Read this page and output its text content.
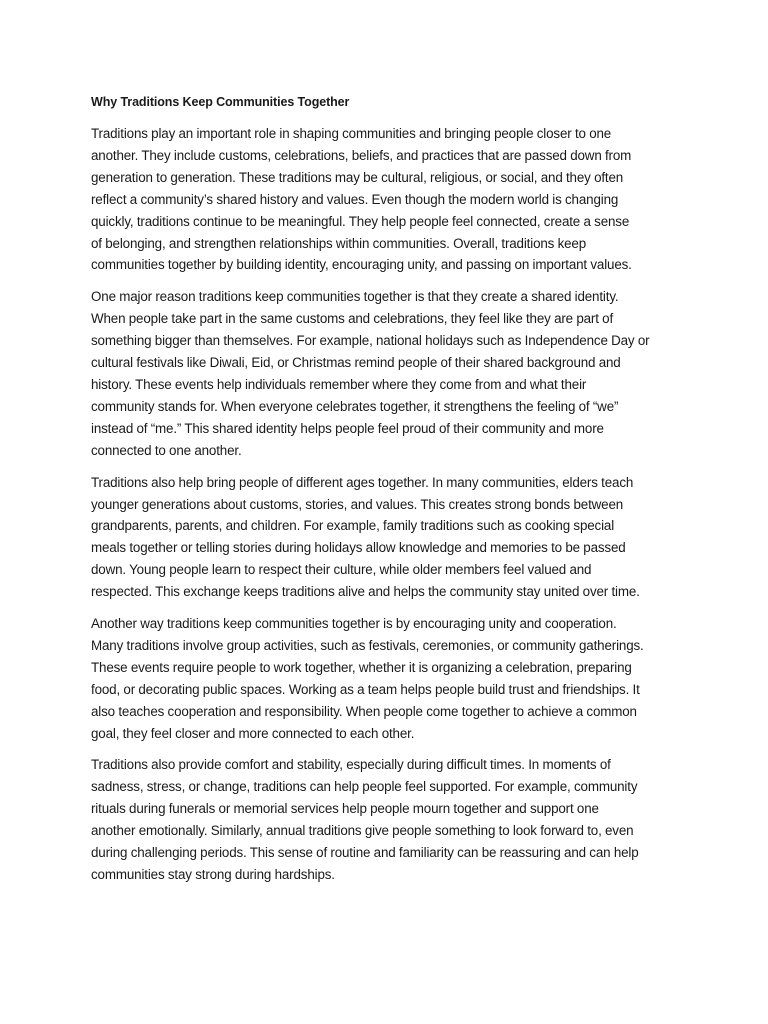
Why Traditions Keep Communities Together
Traditions play an important role in shaping communities and bringing people closer to one
another. They include customs, celebrations, beliefs, and practices that are passed down from
generation to generation. These traditions may be cultural, religious, or social, and they often
reflect a community’s shared history and values. Even though the modern world is changing
quickly, traditions continue to be meaningful. They help people feel connected, create a sense
of belonging, and strengthen relationships within communities. Overall, traditions keep
communities together by building identity, encouraging unity, and passing on important values.
One major reason traditions keep communities together is that they create a shared identity.
When people take part in the same customs and celebrations, they feel like they are part of
something bigger than themselves. For example, national holidays such as Independence Day or
cultural festivals like Diwali, Eid, or Christmas remind people of their shared background and
history. These events help individuals remember where they come from and what their
community stands for. When everyone celebrates together, it strengthens the feeling of “we”
instead of “me.” This shared identity helps people feel proud of their community and more
connected to one another.
Traditions also help bring people of different ages together. In many communities, elders teach
younger generations about customs, stories, and values. This creates strong bonds between
grandparents, parents, and children. For example, family traditions such as cooking special
meals together or telling stories during holidays allow knowledge and memories to be passed
down. Young people learn to respect their culture, while older members feel valued and
respected. This exchange keeps traditions alive and helps the community stay united over time.
Another way traditions keep communities together is by encouraging unity and cooperation.
Many traditions involve group activities, such as festivals, ceremonies, or community gatherings.
These events require people to work together, whether it is organizing a celebration, preparing
food, or decorating public spaces. Working as a team helps people build trust and friendships. It
also teaches cooperation and responsibility. When people come together to achieve a common
goal, they feel closer and more connected to each other.
Traditions also provide comfort and stability, especially during difficult times. In moments of
sadness, stress, or change, traditions can help people feel supported. For example, community
rituals during funerals or memorial services help people mourn together and support one
another emotionally. Similarly, annual traditions give people something to look forward to, even
during challenging periods. This sense of routine and familiarity can be reassuring and can help
communities stay strong during hardships.
